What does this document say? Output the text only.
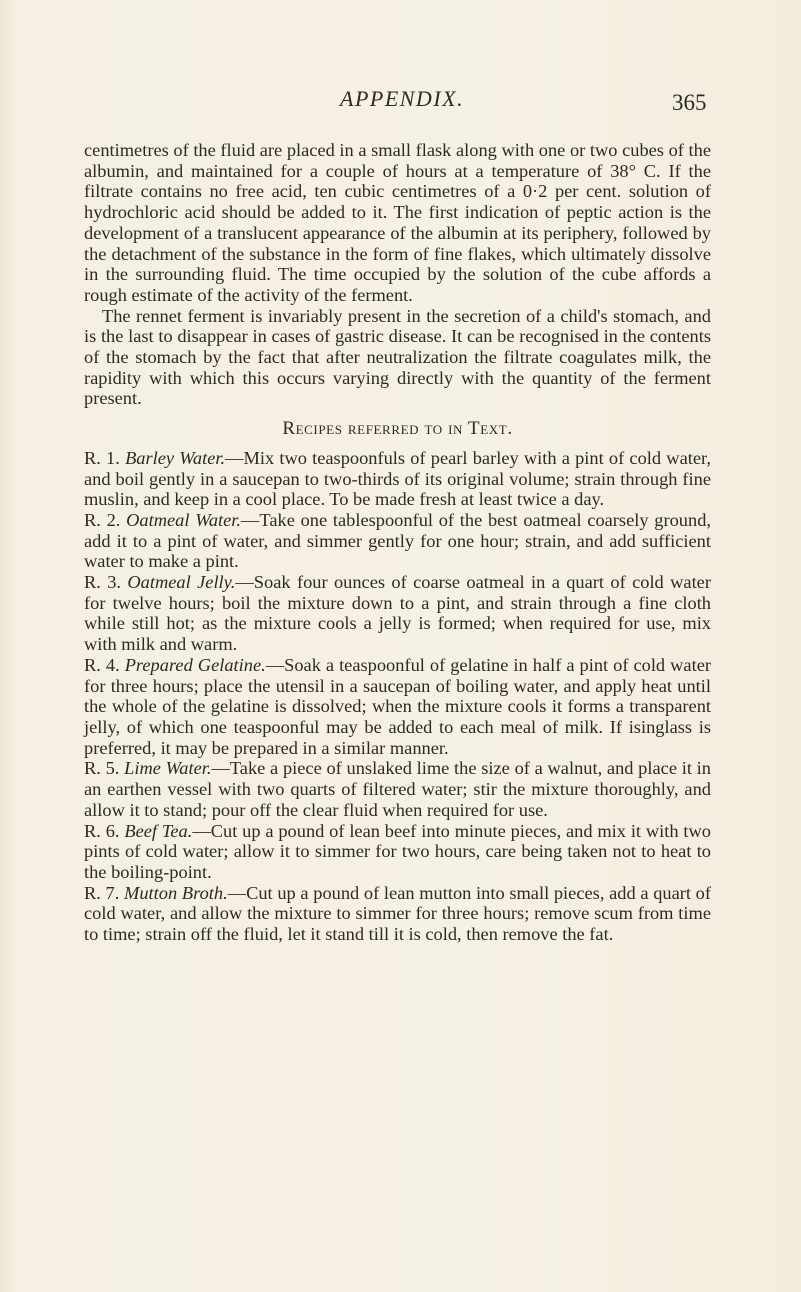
APPENDIX.	365

centimetres of the fluid are placed in a small flask along with one or two cubes of the albumin, and maintained for a couple of hours at a temperature of 38° C. If the filtrate contains no free acid, ten cubic centimetres of a 0·2 per cent. solution of hydrochloric acid should be added to it. The first indication of peptic action is the development of a translucent appearance of the albumin at its periphery, followed by the detachment of the substance in the form of fine flakes, which ultimately dissolve in the surrounding fluid. The time occupied by the solution of the cube affords a rough estimate of the activity of the ferment.

The rennet ferment is invariably present in the secretion of a child's stomach, and is the last to disappear in cases of gastric disease. It can be recognised in the contents of the stomach by the fact that after neutralization the filtrate coagulates milk, the rapidity with which this occurs varying directly with the quantity of the ferment present.

Recipes referred to in Text.

R. 1. Barley Water.—Mix two teaspoonfuls of pearl barley with a pint of cold water, and boil gently in a saucepan to two-thirds of its original volume; strain through fine muslin, and keep in a cool place. To be made fresh at least twice a day.

R. 2. Oatmeal Water.—Take one tablespoonful of the best oatmeal coarsely ground, add it to a pint of water, and simmer gently for one hour; strain, and add sufficient water to make a pint.

R. 3. Oatmeal Jelly.—Soak four ounces of coarse oatmeal in a quart of cold water for twelve hours; boil the mixture down to a pint, and strain through a fine cloth while still hot; as the mixture cools a jelly is formed; when required for use, mix with milk and warm.

R. 4. Prepared Gelatine.—Soak a teaspoonful of gelatine in half a pint of cold water for three hours; place the utensil in a saucepan of boiling water, and apply heat until the whole of the gelatine is dissolved; when the mixture cools it forms a transparent jelly, of which one teaspoonful may be added to each meal of milk. If isinglass is preferred, it may be prepared in a similar manner.

R. 5. Lime Water.—Take a piece of unslaked lime the size of a walnut, and place it in an earthen vessel with two quarts of filtered water; stir the mixture thoroughly, and allow it to stand; pour off the clear fluid when required for use.

R. 6. Beef Tea.—Cut up a pound of lean beef into minute pieces, and mix it with two pints of cold water; allow it to simmer for two hours, care being taken not to heat to the boiling-point.

R. 7. Mutton Broth.—Cut up a pound of lean mutton into small pieces, add a quart of cold water, and allow the mixture to simmer for three hours; remove scum from time to time; strain off the fluid, let it stand till it is cold, then remove the fat.
